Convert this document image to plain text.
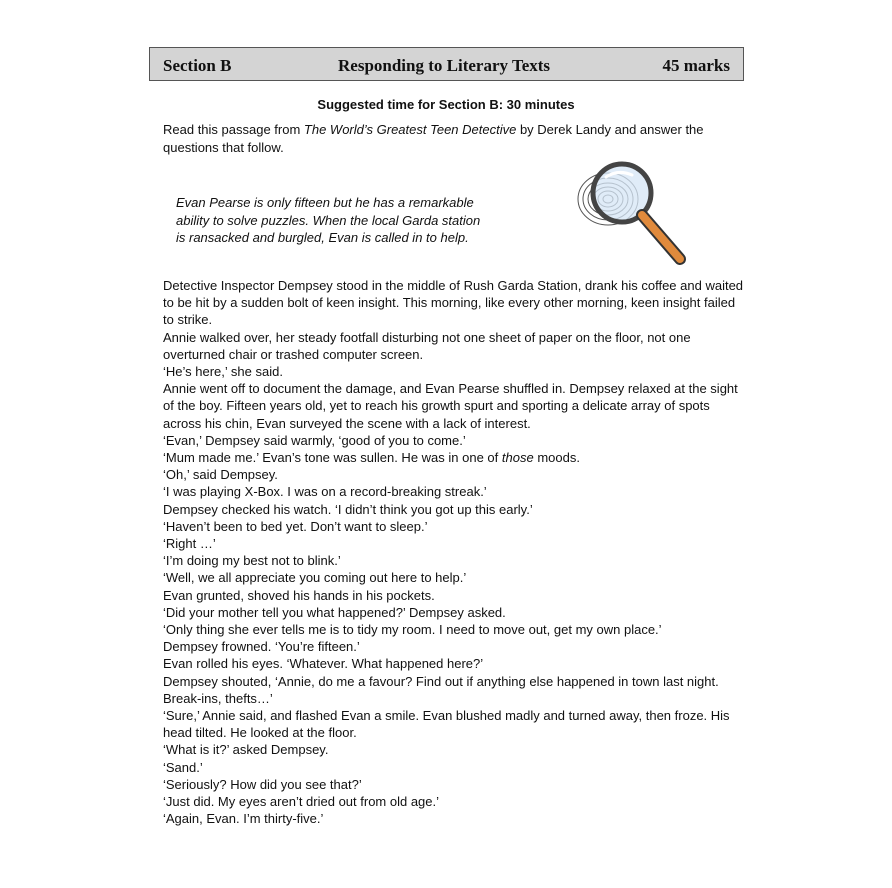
Section B	Responding to Literary Texts	45 marks
Suggested time for Section B: 30 minutes
Read this passage from The World’s Greatest Teen Detective by Derek Landy and answer the questions that follow.
Evan Pearse is only fifteen but he has a remarkable ability to solve puzzles. When the local Garda station is ransacked and burgled, Evan is called in to help.

Detective Inspector Dempsey stood in the middle of Rush Garda Station, drank his coffee and waited to be hit by a sudden bolt of keen insight. This morning, like every other morning, keen insight failed to strike.

Annie walked over, her steady footfall disturbing not one sheet of paper on the floor, not one overturned chair or trashed computer screen.

‘He’s here,’ she said.

Annie went off to document the damage, and Evan Pearse shuffled in. Dempsey relaxed at the sight of the boy. Fifteen years old, yet to reach his growth spurt and sporting a delicate array of spots across his chin, Evan surveyed the scene with a lack of interest.

‘Evan,’ Dempsey said warmly, ‘good of you to come.’

‘Mum made me.’ Evan’s tone was sullen. He was in one of those moods.

‘Oh,’ said Dempsey.

‘I was playing X-Box. I was on a record-breaking streak.’

Dempsey checked his watch. ‘I didn’t think you got up this early.’

‘Haven’t been to bed yet. Don’t want to sleep.’

‘Right …’

‘I’m doing my best not to blink.’

‘Well, we all appreciate you coming out here to help.’

Evan grunted, shoved his hands in his pockets.

‘Did your mother tell you what happened?’ Dempsey asked.

‘Only thing she ever tells me is to tidy my room. I need to move out, get my own place.’

Dempsey frowned. ‘You’re fifteen.’

Evan rolled his eyes. ‘Whatever. What happened here?’

Dempsey shouted, ‘Annie, do me a favour? Find out if anything else happened in town last night. Break-ins, thefts…’

‘Sure,’ Annie said, and flashed Evan a smile. Evan blushed madly and turned away, then froze. His head tilted. He looked at the floor.

‘What is it?’ asked Dempsey.

‘Sand.’

‘Seriously? How did you see that?’

‘Just did. My eyes aren’t dried out from old age.’

‘Again, Evan. I’m thirty-five.’
